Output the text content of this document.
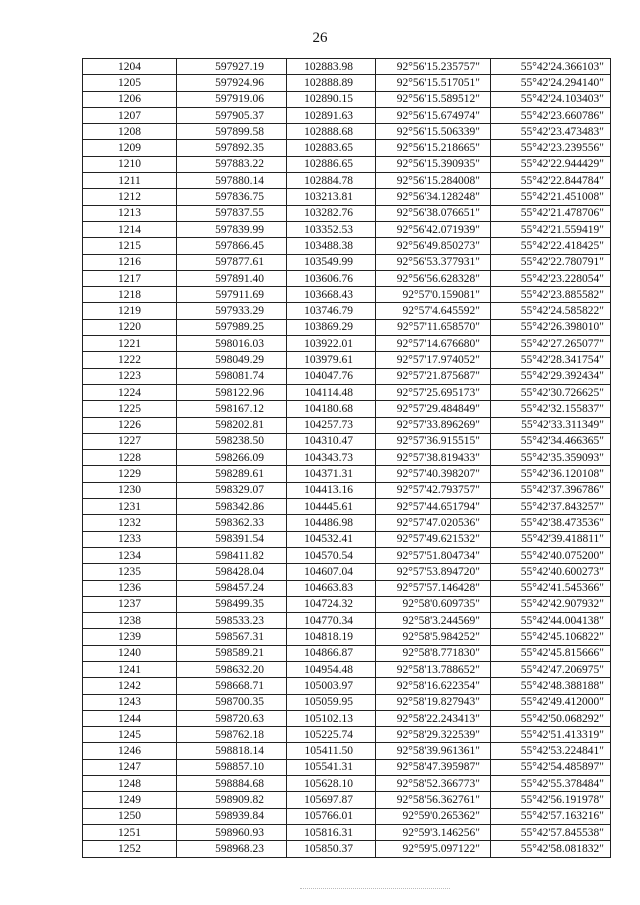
26
1204	597927.19	102883.98	92°56'15.235757"	55°42'24.366103"
1205	597924.96	102888.89	92°56'15.517051"	55°42'24.294140"
1206	597919.06	102890.15	92°56'15.589512"	55°42'24.103403"
1207	597905.37	102891.63	92°56'15.674974"	55°42'23.660786"
1208	597899.58	102888.68	92°56'15.506339"	55°42'23.473483"
1209	597892.35	102883.65	92°56'15.218665"	55°42'23.239556"
1210	597883.22	102886.65	92°56'15.390935"	55°42'22.944429"
1211	597880.14	102884.78	92°56'15.284008"	55°42'22.844784"
1212	597836.75	103213.81	92°56'34.128248"	55°42'21.451008"
1213	597837.55	103282.76	92°56'38.076651"	55°42'21.478706"
1214	597839.99	103352.53	92°56'42.071939"	55°42'21.559419"
1215	597866.45	103488.38	92°56'49.850273"	55°42'22.418425"
1216	597877.61	103549.99	92°56'53.377931"	55°42'22.780791"
1217	597891.40	103606.76	92°56'56.628328"	55°42'23.228054"
1218	597911.69	103668.43	92°57'0.159081"	55°42'23.885582"
1219	597933.29	103746.79	92°57'4.645592"	55°42'24.585822"
1220	597989.25	103869.29	92°57'11.658570"	55°42'26.398010"
1221	598016.03	103922.01	92°57'14.676680"	55°42'27.265077"
1222	598049.29	103979.61	92°57'17.974052"	55°42'28.341754"
1223	598081.74	104047.76	92°57'21.875687"	55°42'29.392434"
1224	598122.96	104114.48	92°57'25.695173"	55°42'30.726625"
1225	598167.12	104180.68	92°57'29.484849"	55°42'32.155837"
1226	598202.81	104257.73	92°57'33.896269"	55°42'33.311349"
1227	598238.50	104310.47	92°57'36.915515"	55°42'34.466365"
1228	598266.09	104343.73	92°57'38.819433"	55°42'35.359093"
1229	598289.61	104371.31	92°57'40.398207"	55°42'36.120108"
1230	598329.07	104413.16	92°57'42.793757"	55°42'37.396786"
1231	598342.86	104445.61	92°57'44.651794"	55°42'37.843257"
1232	598362.33	104486.98	92°57'47.020536"	55°42'38.473536"
1233	598391.54	104532.41	92°57'49.621532"	55°42'39.418811"
1234	598411.82	104570.54	92°57'51.804734"	55°42'40.075200"
1235	598428.04	104607.04	92°57'53.894720"	55°42'40.600273"
1236	598457.24	104663.83	92°57'57.146428"	55°42'41.545366"
1237	598499.35	104724.32	92°58'0.609735"	55°42'42.907932"
1238	598533.23	104770.34	92°58'3.244569"	55°42'44.004138"
1239	598567.31	104818.19	92°58'5.984252"	55°42'45.106822"
1240	598589.21	104866.87	92°58'8.771830"	55°42'45.815666"
1241	598632.20	104954.48	92°58'13.788652"	55°42'47.206975"
1242	598668.71	105003.97	92°58'16.622354"	55°42'48.388188"
1243	598700.35	105059.95	92°58'19.827943"	55°42'49.412000"
1244	598720.63	105102.13	92°58'22.243413"	55°42'50.068292"
1245	598762.18	105225.74	92°58'29.322539"	55°42'51.413319"
1246	598818.14	105411.50	92°58'39.961361"	55°42'53.224841"
1247	598857.10	105541.31	92°58'47.395987"	55°42'54.485897"
1248	598884.68	105628.10	92°58'52.366773"	55°42'55.378484"
1249	598909.82	105697.87	92°58'56.362761"	55°42'56.191978"
1250	598939.84	105766.01	92°59'0.265362"	55°42'57.163216"
1251	598960.93	105816.31	92°59'3.146256"	55°42'57.845538"
1252	598968.23	105850.37	92°59'5.097122"	55°42'58.081832"
